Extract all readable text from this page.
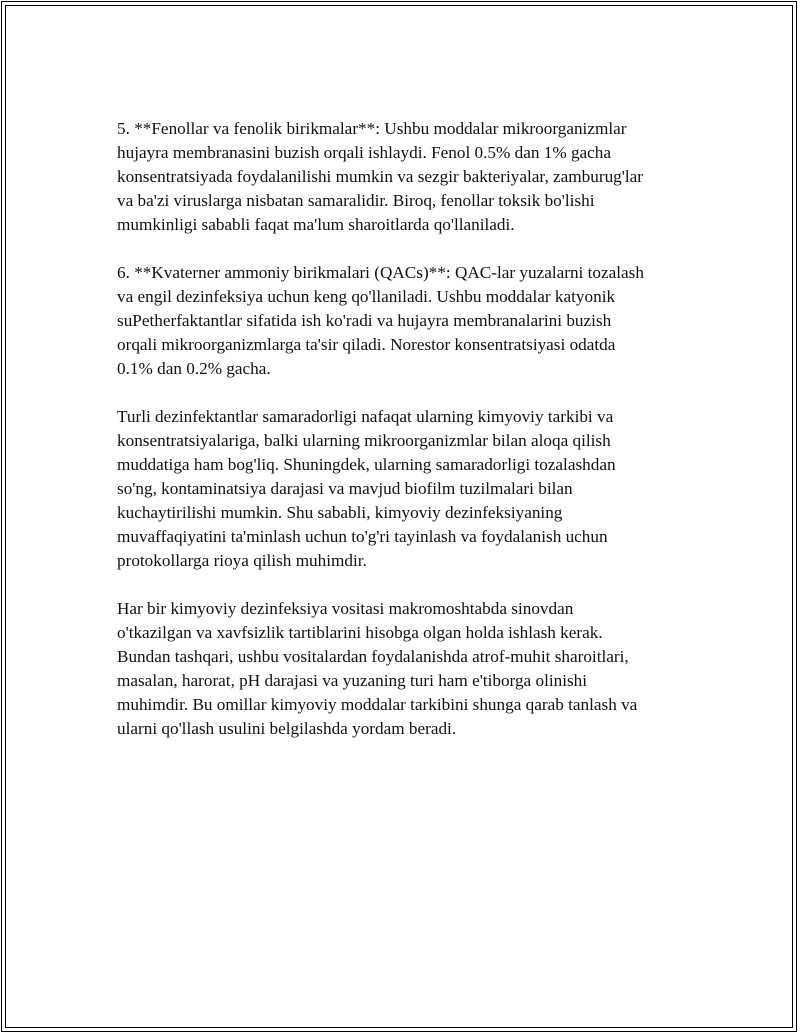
5. **Fenollar va fenolik birikmalar**: Ushbu moddalar mikroorganizmlar
hujayra membranasini buzish orqali ishlaydi. Fenol 0.5% dan 1% gacha
konsentratsiyada foydalanilishi mumkin va sezgir bakteriyalar, zamburug'lar
va ba'zi viruslarga nisbatan samaralidir. Biroq, fenollar toksik bo'lishi
mumkinligi sababli faqat ma'lum sharoitlarda qo'llaniladi.

6. **Kvaterner ammoniy birikmalari (QACs)**: QAC-lar yuzalarni tozalash
va engil dezinfeksiya uchun keng qo'llaniladi. Ushbu moddalar katyonik
suPetherfaktantlar sifatida ish ko'radi va hujayra membranalarini buzish
orqali mikroorganizmlarga ta'sir qiladi. Norestor konsentratsiyasi odatda
0.1% dan 0.2% gacha.

Turli dezinfektantlar samaradorligi nafaqat ularning kimyoviy tarkibi va
konsentratsiyalariga, balki ularning mikroorganizmlar bilan aloqa qilish
muddatiga ham bog'liq. Shuningdek, ularning samaradorligi tozalashdan
so'ng, kontaminatsiya darajasi va mavjud biofilm tuzilmalari bilan
kuchaytirilishi mumkin. Shu sababli, kimyoviy dezinfeksiyaning
muvaffaqiyatini ta'minlash uchun to'g'ri tayinlash va foydalanish uchun
protokollarga rioya qilish muhimdir.

Har bir kimyoviy dezinfeksiya vositasi makromoshtabda sinovdan
o'tkazilgan va xavfsizlik tartiblarini hisobga olgan holda ishlash kerak.
Bundan tashqari, ushbu vositalardan foydalanishda atrof-muhit sharoitlari,
masalan, harorat, pH darajasi va yuzaning turi ham e'tiborga olinishi
muhimdir. Bu omillar kimyoviy moddalar tarkibini shunga qarab tanlash va
ularni qo'llash usulini belgilashda yordam beradi.
